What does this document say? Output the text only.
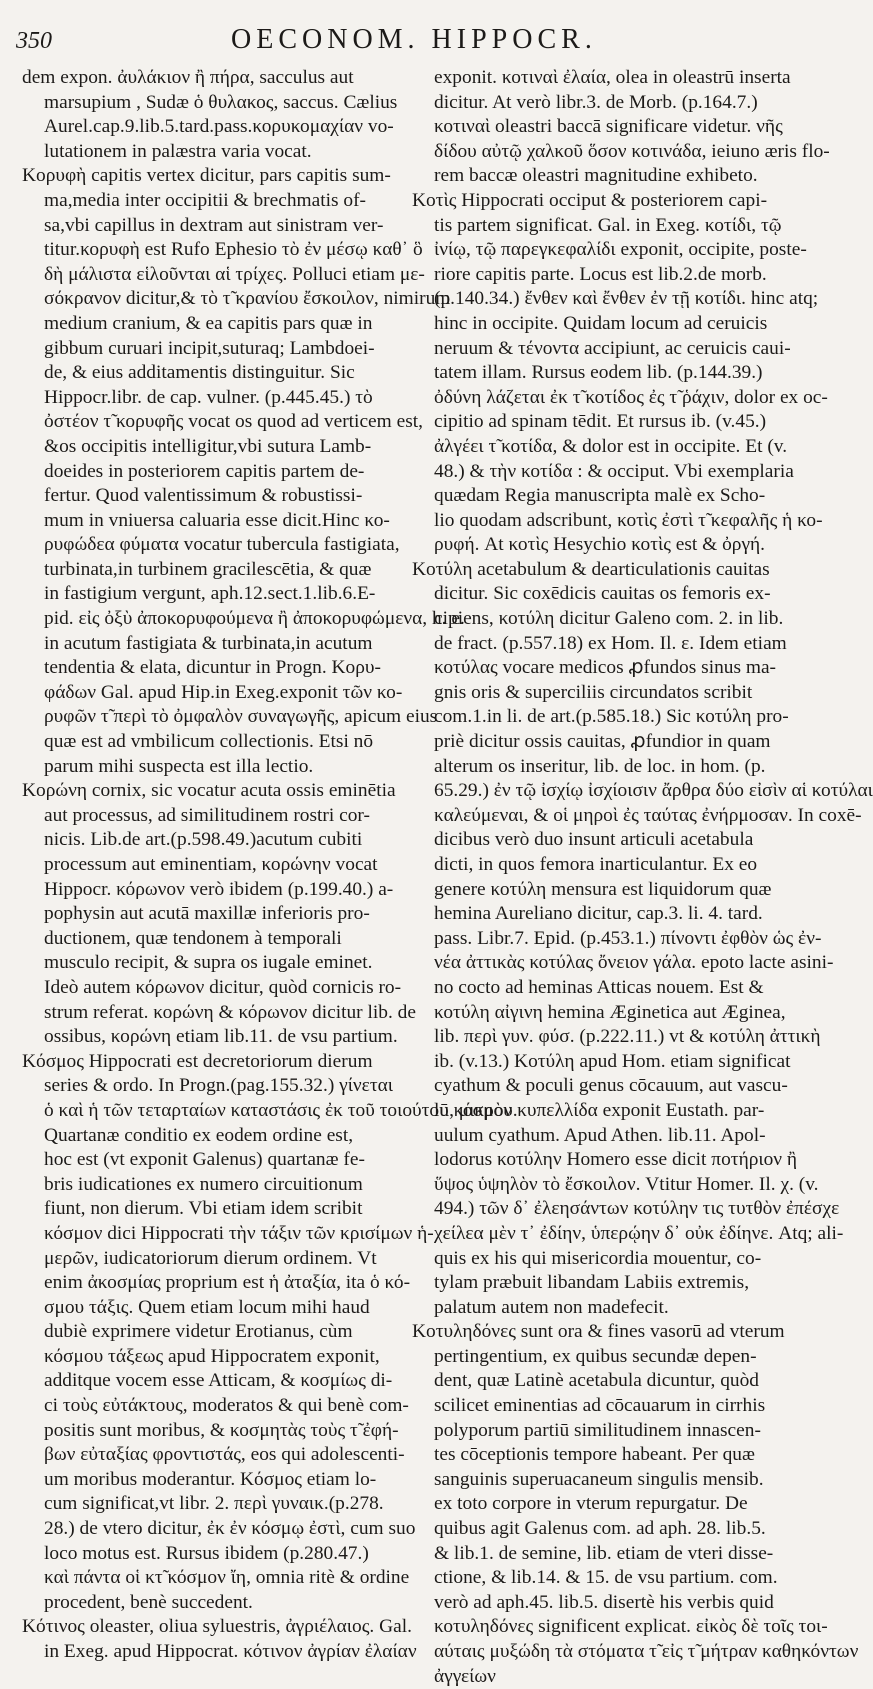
350	OECONOM. HIPPOCR.
dem expon. ἀυλάκιον ἢ πήρα, sacculus aut
marsupium , Sudæ ὁ θυλακος, saccus. Cælius
Aurel.cap.9.lib.5.tard.pass.κορυκομαχίαν vo-
lutationem in palæstra varia vocat.
Κορυφὴ capitis vertex dicitur, pars capitis sum-
ma,media inter occipitii & brechmatis of-
sa,vbi capillus in dextram aut sinistram ver-
titur.κορυφὴ est Rufo Ephesio τὸ ἐν μέσῳ καθ᾽ ὃ
δὴ μάλιστα εἱλοῦνται αἱ τρίχες. Polluci etiam με-
σόκρανον dicitur,& τὸ τ̃ κρανίου ἔσκοιλον, nimirum
medium cranium, & ea capitis pars quæ in
gibbum curuari incipit,suturaq; Lambdoei-
de, & eius additamentis distinguitur. Sic
Hippocr.libr. de cap. vulner. (p.445.45.) τὸ
ὀστέον τ̃ κορυφῆς vocat os quod ad verticem est,
&os occipitis intelligitur,vbi sutura Lamb-
doeides in posteriorem capitis partem de-
fertur. Quod valentissimum & robustissi-
mum in vniuersa caluaria esse dicit.Hinc κο-
ρυφώδεα φύματα vocatur tubercula fastigiata,
turbinata,in turbinem gracilescētia, & quæ
in fastigium vergunt, aph.12.sect.1.lib.6.E-
pid. εἰς ὀξὺ ἀποκορυφούμενα ἢ ἀποκορυφώμενα, h. e.
in acutum fastigiata & turbinata,in acutum
tendentia & elata, dicuntur in Progn. Κορυ-
φάδων Gal. apud Hip.in Exeg.exponit τῶν κο-
ρυφῶν τ̃ περὶ τὸ ὀμφαλὸν συναγωγῆς, apicum eius
quæ est ad vmbilicum collectionis. Etsi nō
parum mihi suspecta est illa lectio.
Κορώνη cornix, sic vocatur acuta ossis eminētia
aut processus, ad similitudinem rostri cor-
nicis. Lib.de art.(p.598.49.)acutum cubiti
processum aut eminentiam, κορώνην vocat
Hippocr. κόρωνον verò ibidem (p.199.40.) a-
pophysin aut acutā maxillæ inferioris pro-
ductionem, quæ tendonem à temporali
musculo recipit, & supra os iugale eminet.
Ideò autem κόρωνον dicitur, quòd cornicis ro-
strum referat. κορώνη & κόρωνον dicitur lib. de
ossibus, κορώνη etiam lib.11. de vsu partium.
Κόσμος Hippocrati est decretoriorum dierum
series & ordo. In Progn.(pag.155.32.) γίνεται
ὁ καὶ ἡ τῶν τεταρταίων καταστάσις ἐκ τοῦ τοιούτου κόσμου.
Quartanæ conditio ex eodem ordine est,
hoc est (vt exponit Galenus) quartanæ fe-
bris iudicationes ex numero circuitionum
fiunt, non dierum. Vbi etiam idem scribit
κόσμον dici Hippocrati τὴν τάξιν τῶν κρισίμων ἡ-
μερῶν, iudicatoriorum dierum ordinem. Vt
enim ἀκοσμίας proprium est ἡ ἀταξία, ita ὁ κό-
σμου τάξις. Quem etiam locum mihi haud
dubiè exprimere videtur Erotianus, cùm
κόσμου τάξεως apud Hippocratem exponit,
additque vocem esse Atticam, & κοσμίως di-
ci τοὺς εὐτάκτους, moderatos & qui benè com-
positis sunt moribus, & κοσμητὰς τοὺς τ̃ ἐφή-
βων εὐταξίας φροντιστάς, eos qui adolescenti-
um moribus moderantur. Κόσμος etiam lo-
cum significat,vt libr. 2. περὶ γυναικ.(p.278.
28.) de vtero dicitur, ἐκ ἐν κόσμῳ ἐστὶ, cum suo
loco motus est. Rursus ibidem (p.280.47.)
καὶ πάντα οἱ κτ̃ κόσμον ἴη, omnia ritè & ordine
procedent, benè succedent.
Κότινος oleaster, oliua syluestris, ἀγριέλαιος. Gal.
in Exeg. apud Hippocrat. κότινον ἀγρίαν ἐλαίαν
exponit. κοτιναὶ ἐλαία, olea in oleastrū inserta
dicitur. At verò libr.3. de Morb. (p.164.7.)
κοτιναὶ oleastri baccā significare videtur. νῆς
δίδου αὐτῷ χαλκοῦ ὅσον κοτινάδα, ieiuno æris flo-
rem baccæ oleastri magnitudine exhibeto.
Κοτὶς Hippocrati occiput & posteriorem capi-
tis partem significat. Gal. in Exeg. κοτίδι, τῷ
ἰνίῳ, τῷ παρεγκεφαλίδι exponit, occipite, poste-
riore capitis parte. Locus est lib.2.de morb.
(p.140.34.) ἔνθεν καὶ ἔνθεν ἐν τῇ κοτίδι. hinc atq;
hinc in occipite. Quidam locum ad ceruicis
neruum & τένοντα accipiunt, ac ceruicis caui-
tatem illam. Rursus eodem lib. (p.144.39.)
ὀδύνη λάζεται ἐκ τ̃ κοτίδος ἐς τ̃ ῥάχιν, dolor ex oc-
cipitio ad spinam tēdit. Et rursus ib. (v.45.)
ἀλγέει τ̃ κοτίδα, & dolor est in occipite. Et (v.
48.) & τὴν κοτίδα : & occiput. Vbi exemplaria
quædam Regia manuscripta malè ex Scho-
lio quodam adscribunt, κοτὶς ἐστὶ τ̃ κεφαλῆς ἡ κο-
ρυφή. At κοτὶς Hesychio κοτὶς est & ὀργή.
Κοτύλη acetabulum & dearticulationis cauitas
dicitur. Sic coxēdicis cauitas os femoris ex-
cipiens, κοτύλη dicitur Galeno com. 2. in lib.
de fract. (p.557.18) ex Hom. Il. ε. Idem etiam
κοτύλας vocare medicos ꝓfundos sinus ma-
gnis oris & superciliis circundatos scribit
com.1.in li. de art.(p.585.18.) Sic κοτύλη pro-
priè dicitur ossis cauitas, ꝓfundior in quam
alterum os inseritur, lib. de loc. in hom. (p.
65.29.) ἐν τῷ ἰσχίῳ ἰσχίοισιν ἄρθρα δύο εἰσὶν αἱ κοτύλαι
καλεύμεναι, & οἱ μηροὶ ἐς ταύτας ἐνήρμοσαν. In coxē-
dicibus verò duo insunt articuli acetabula
dicti, in quos femora inarticulantur. Ex eo
genere κοτύλη mensura est liquidorum quæ
hemina Aureliano dicitur, cap.3. li. 4. tard.
pass. Libr.7. Epid. (p.453.1.) πίνοντι ἐφθὸν ὡς ἐν-
νέα ἀττικὰς κοτύλας ὄνειον γάλα. epoto lacte asini-
no cocto ad heminas Atticas nouem. Est &
κοτύλη αἰγινη hemina Æginetica aut Æginea,
lib. περὶ γυν. φύσ. (p.222.11.) vt & κοτύλη ἀττικὴ
ib. (v.13.) Κοτύλη apud Hom. etiam significat
cyathum & poculi genus cōcauum, aut vascu-
lū, μικρὸν κυπελλίδα exponit Eustath. par-
uulum cyathum. Apud Athen. lib.11. Apol-
lodorus κοτύλην Homero esse dicit ποτήριον ἢ
ὕψος ὑψηλὸν τὸ ἔσκοιλον. Vtitur Homer. Il. χ. (v.
494.) τῶν δ᾽ ἐλεησάντων κοτύλην τις τυτθὸν ἐπέσχε
χείλεα μὲν τ᾽ ἐδίην, ὑπερῴην δ᾽ οὐκ ἐδίηνε. Atq; ali-
quis ex his qui misericordia mouentur, co-
tylam præbuit libandam Labiis extremis,
palatum autem non madefecit.
Κοτυληδόνες sunt ora & fines vasorū ad vterum
pertingentium, ex quibus secundæ depen-
dent, quæ Latinè acetabula dicuntur, quòd
scilicet eminentias ad cōcauarum in cirrhis
polyporum partiū similitudinem innascen-
tes cōceptionis tempore habeant. Per quæ
sanguinis superuacaneum singulis mensib.
ex toto corpore in vterum repurgatur. De
quibus agit Galenus com. ad aph. 28. lib.5.
& lib.1. de semine, lib. etiam de vteri disse-
ctione, & lib.14. & 15. de vsu partium. com.
verò ad aph.45. lib.5. disertè his verbis quid
κοτυληδόνες significent explicat. εἰκὸς δὲ τοῖς τοι-
αύταις μυξώδη τὰ στόματα τ̃ εἰς τ̃ μήτραν καθηκόντων
ἀγγείων
